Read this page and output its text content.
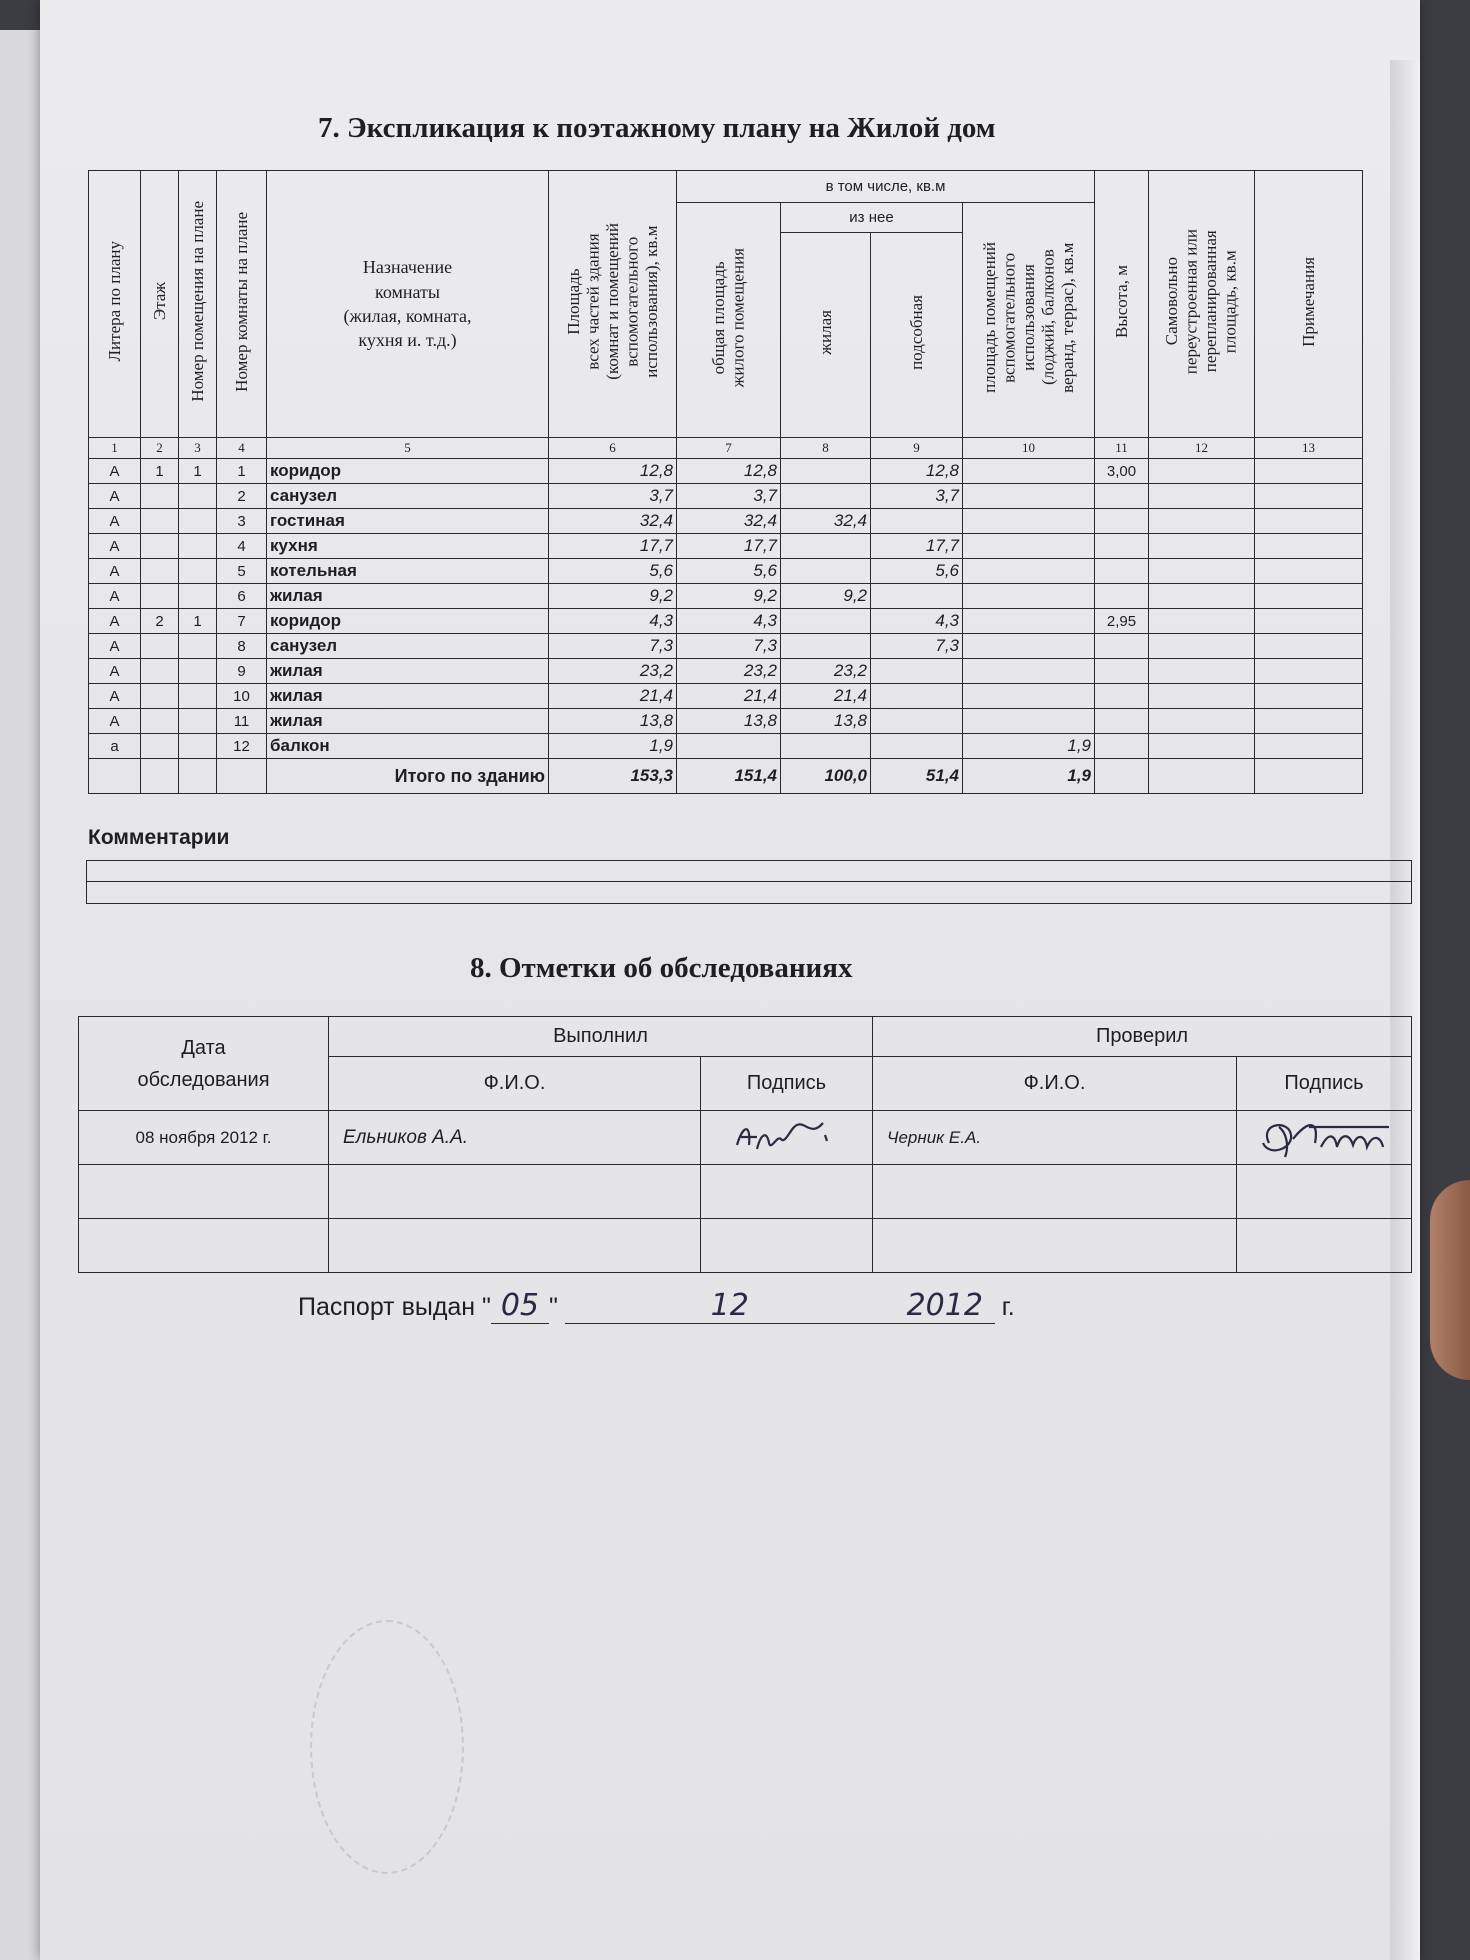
7. Экспликация к поэтажному плану на Жилой дом
Литера по плану	Этаж	Номер помещения на плане	Номер комнаты на плане	Назначение
комнаты
(жилая, комната,
кухня и. т.д.)	Площадь
всех частей здания
(комнат и помещений
вспомогательного
использования), кв.м	в том числе, кв.м				Высота, м	Самовольно
переустроенная или
перепланированная
площадь, кв.м	Примечания
						общая площадь
жилого помещения	из нее		площадь помещений
вспомогательного
использования
(лоджий, балконов
веранд, террас), кв.м			
							жилая	подсобная				
1	2	3	4	5	6	7	8	9	10	11	12	13
А	1	1	1	коридор	12,8	12,8		12,8		3,00		
А			2	санузел	3,7	3,7		3,7				
А			3	гостиная	32,4	32,4	32,4					
А			4	кухня	17,7	17,7		17,7				
А			5	котельная	5,6	5,6		5,6				
А			6	жилая	9,2	9,2	9,2					
А	2	1	7	коридор	4,3	4,3		4,3		2,95		
А			8	санузел	7,3	7,3		7,3				
А			9	жилая	23,2	23,2	23,2					
А			10	жилая	21,4	21,4	21,4					
А			11	жилая	13,8	13,8	13,8					
а			12	балкон	1,9				1,9			
				Итого по зданию	153,3	151,4	100,0	51,4	1,9			
Комментарии
8. Отметки об обследованиях
Дата
обследования	Выполнил		Проверил	
	Ф.И.О.	Подпись	Ф.И.О.	Подпись
08 ноября 2012 г.	Ельников А.А.		Черник Е.А.	

Паспорт выдан " 05 "	12	2012 г.
